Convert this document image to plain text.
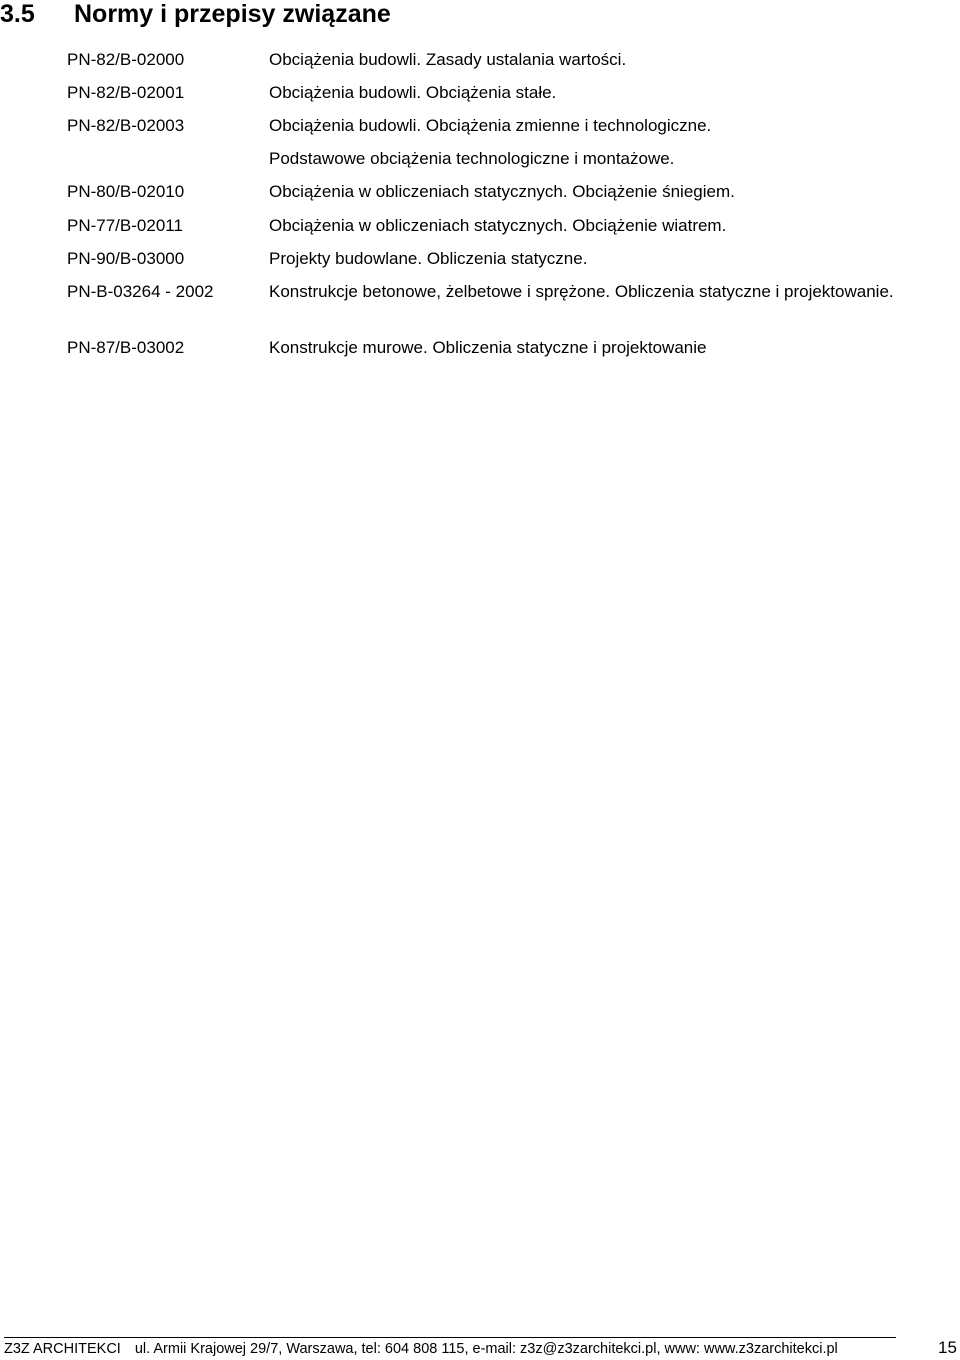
3.5 Normy i przepisy związane
PN-82/B-02000	Obciążenia budowli. Zasady ustalania wartości.
PN-82/B-02001	Obciążenia budowli. Obciążenia stałe.
PN-82/B-02003	Obciążenia budowli. Obciążenia zmienne i technologiczne.
Podstawowe obciążenia technologiczne i montażowe.
PN-80/B-02010	Obciążenia w obliczeniach statycznych. Obciążenie śniegiem.
PN-77/B-02011	Obciążenia w obliczeniach statycznych. Obciążenie wiatrem.
PN-90/B-03000	Projekty budowlane. Obliczenia statyczne.
PN-B-03264 - 2002	Konstrukcje betonowe, żelbetowe i sprężone. Obliczenia statyczne i projektowanie.
PN-87/B-03002	Konstrukcje murowe. Obliczenia statyczne i projektowanie
Z3Z ARCHITEKCI ul. Armii Krajowej 29/7, Warszawa, tel: 604 808 115, e-mail: z3z@z3zarchitekci.pl, www: www.z3zarchitekci.pl	15
